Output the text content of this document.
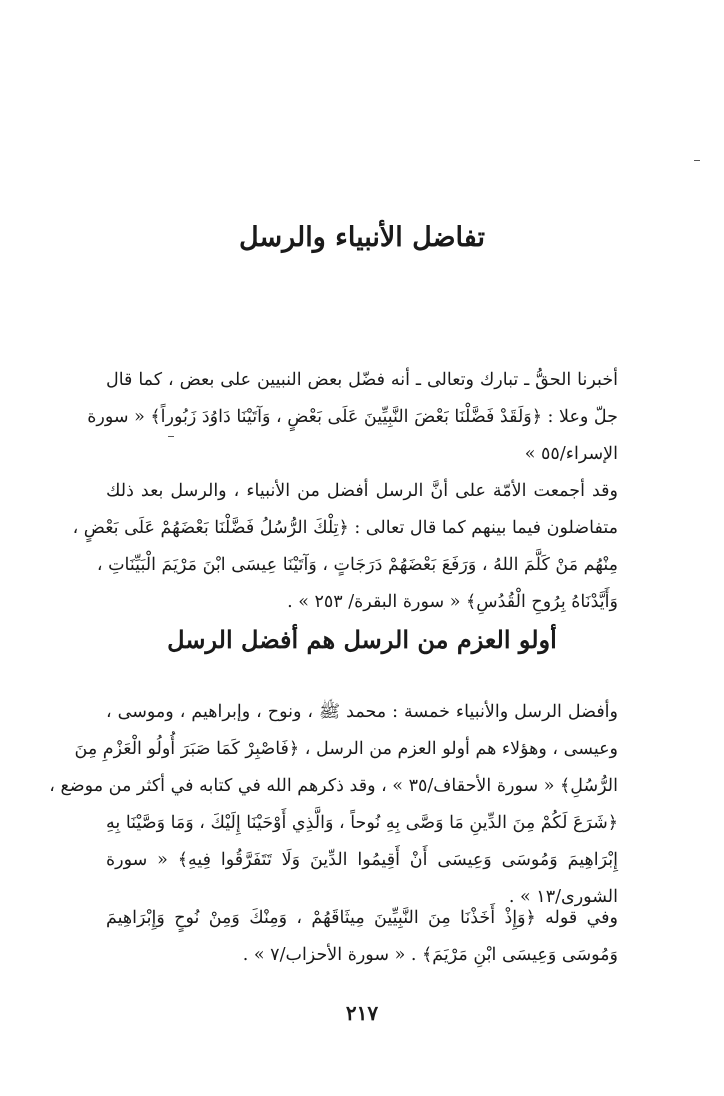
تفاضل الأنبياء والرسل

أخبرنا الحقُّ ـ تبارك وتعالى ـ أنه فضّل بعض النبيين على بعض ، كما قال
جلّ وعلا : ﴿وَلَقَدْ فَضَّلْنَا بَعْضَ النَّبِيِّينَ عَلَى بَعْضٍ ، وَآتَيْنَا دَاوُدَ زَبُوراً﴾ « سورة
الإسراء/٥٥ »

وقد أجمعت الأمّة على أنَّ الرسل أفضل من الأنبياء ، والرسل بعد ذلك
متفاضلون فيما بينهم كما قال تعالى : ﴿تِلْكَ الرُّسُلُ فَضَّلْنَا بَعْضَهُمْ عَلَى بَعْضٍ ،
مِنْهُم مَنْ كَلَّمَ اللهُ ، وَرَفَعَ بَعْضَهُمْ دَرَجَاتٍ ، وَآتَيْنَا عِيسَى ابْنَ مَرْيَمَ الْبَيِّنَاتِ ،
وَأَيَّدْنَاهُ بِرُوحِ الْقُدُسِ﴾ « سورة البقرة/ ٢٥٣ » .

أولو العزم من الرسل هم أفضل الرسل

وأفضل الرسل والأنبياء خمسة : محمد ﷺ ، ونوح ، وإبراهيم ، وموسى ،
وعيسى ، وهؤلاء هم أولو العزم من الرسل ، ﴿فَاصْبِرْ كَمَا صَبَرَ أُولُو الْعَزْمِ مِنَ
الرُّسُلِ﴾ « سورة الأحقاف/٣٥ » ، وقد ذكرهم الله في كتابه في أكثر من موضع ،
﴿شَرَعَ لَكُمْ مِنَ الدِّينِ مَا وَصَّى بِهِ نُوحاً ، وَالَّذِي أَوْحَيْنَا إِلَيْكَ ، وَمَا وَصَّيْنَا بِهِ
إِبْرَاهِيمَ وَمُوسَى وَعِيسَى أَنْ أَقِيمُوا الدِّينَ وَلَا تَتَفَرَّقُوا فِيهِ﴾ « سورة
الشورى/١٣ » .

وفي قوله ﴿وَإِذْ أَخَذْنَا مِنَ النَّبِيِّينَ مِيثَاقَهُمْ ، وَمِنْكَ وَمِنْ نُوحٍ وَإِبْرَاهِيمَ
وَمُوسَى وَعِيسَى ابْنِ مَرْيَمَ﴾ . « سورة الأحزاب/٧ » .

٢١٧
